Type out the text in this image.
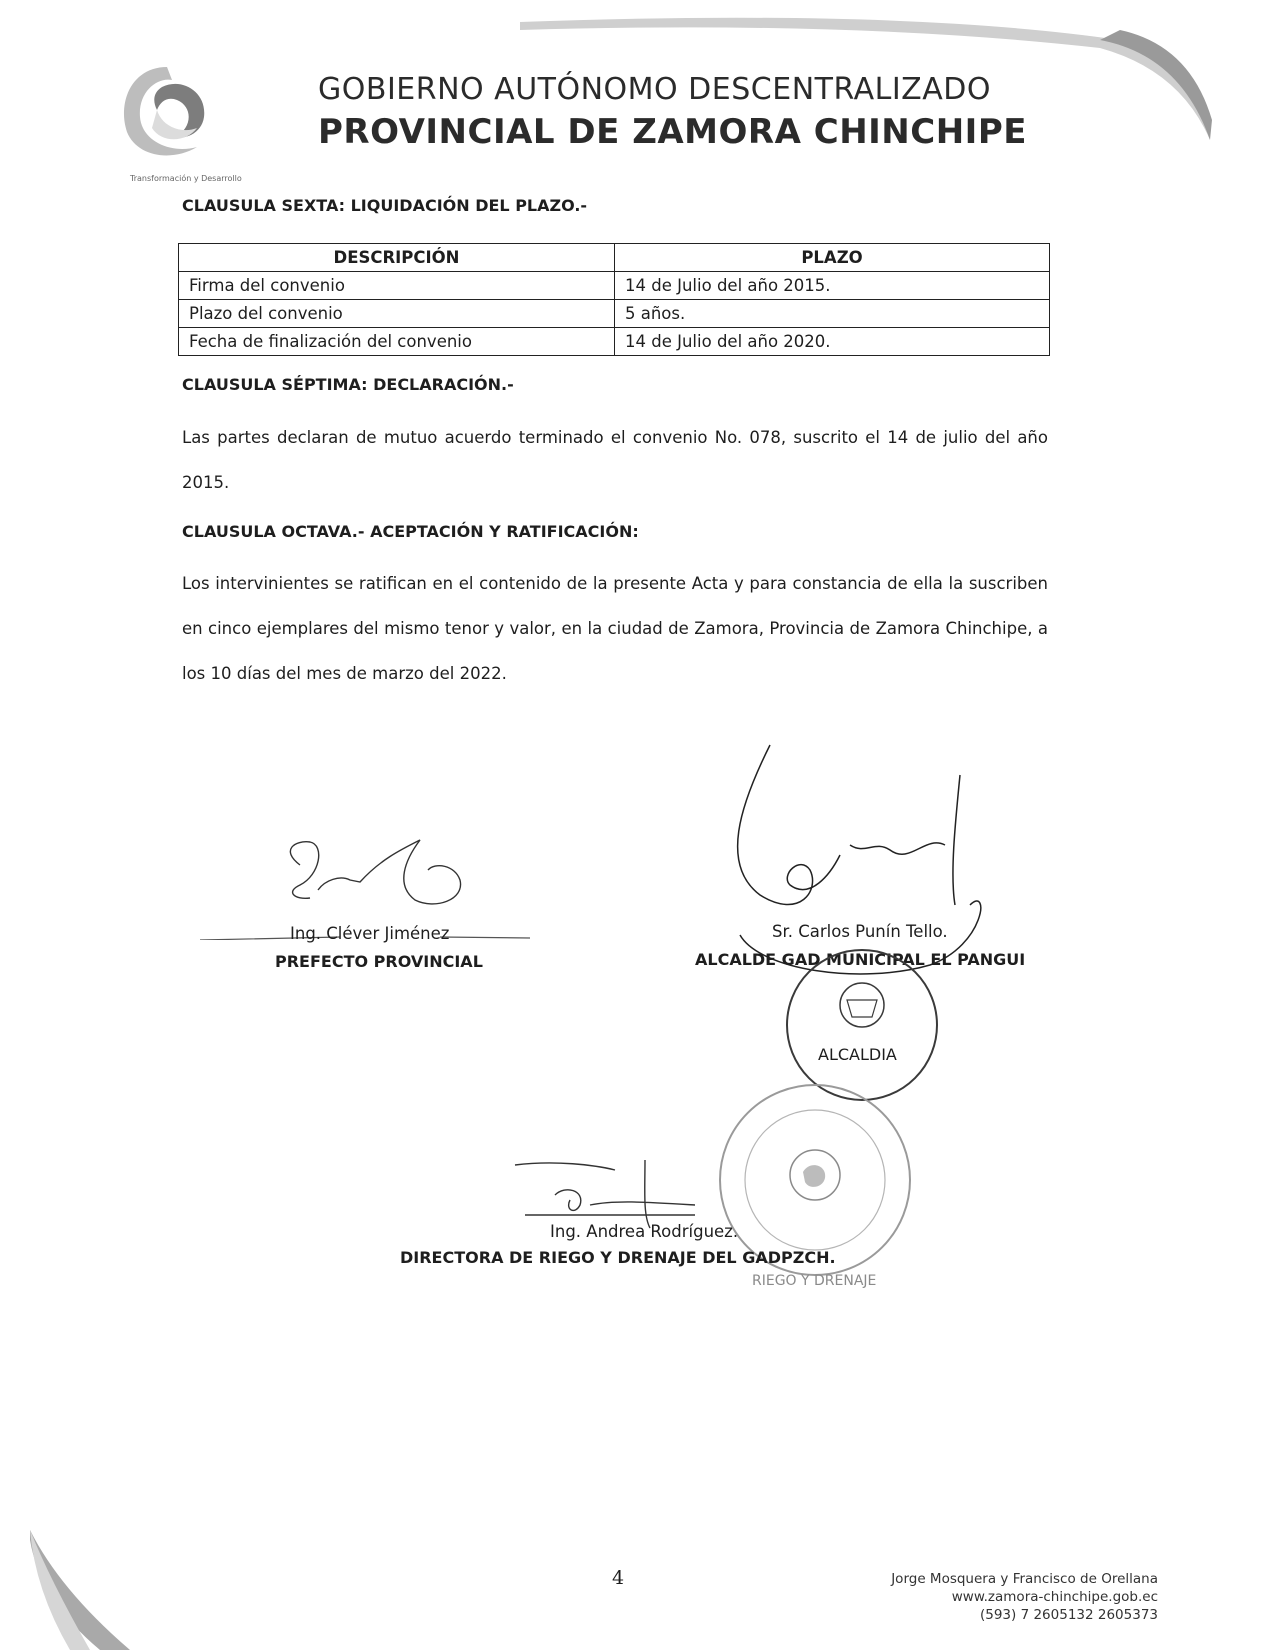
Transformación y Desarrollo
GOBIERNO AUTÓNOMO DESCENTRALIZADO
PROVINCIAL DE ZAMORA CHINCHIPE
CLAUSULA SEXTA: LIQUIDACIÓN DEL PLAZO.-
DESCRIPCIÓN	PLAZO
Firma del convenio	14 de Julio del año 2015.
Plazo del convenio	5 años.
Fecha de finalización del convenio	14 de Julio del año 2020.
CLAUSULA SÉPTIMA: DECLARACIÓN.-
Las partes declaran de mutuo acuerdo terminado el convenio No. 078, suscrito el 14 de julio del año 2015.
CLAUSULA OCTAVA.- ACEPTACIÓN Y RATIFICACIÓN:
Los intervinientes se ratifican en el contenido de la presente Acta y para constancia de ella la suscriben en cinco ejemplares del mismo tenor y valor, en la ciudad de Zamora, Provincia de Zamora Chinchipe, a los 10 días del mes de marzo del 2022.
Ing. Cléver Jiménez
PREFECTO PROVINCIAL
Sr. Carlos Punín Tello.
ALCALDE GAD MUNICIPAL EL PANGUI
ALCALDIA
RIEGO Y DRENAJE
Ing. Andrea Rodríguez.
DIRECTORA DE RIEGO Y DRENAJE DEL GADPZCH.
4	Jorge Mosquera y Francisco de Orellana
www.zamora-chinchipe.gob.ec
(593) 7 2605132 2605373
